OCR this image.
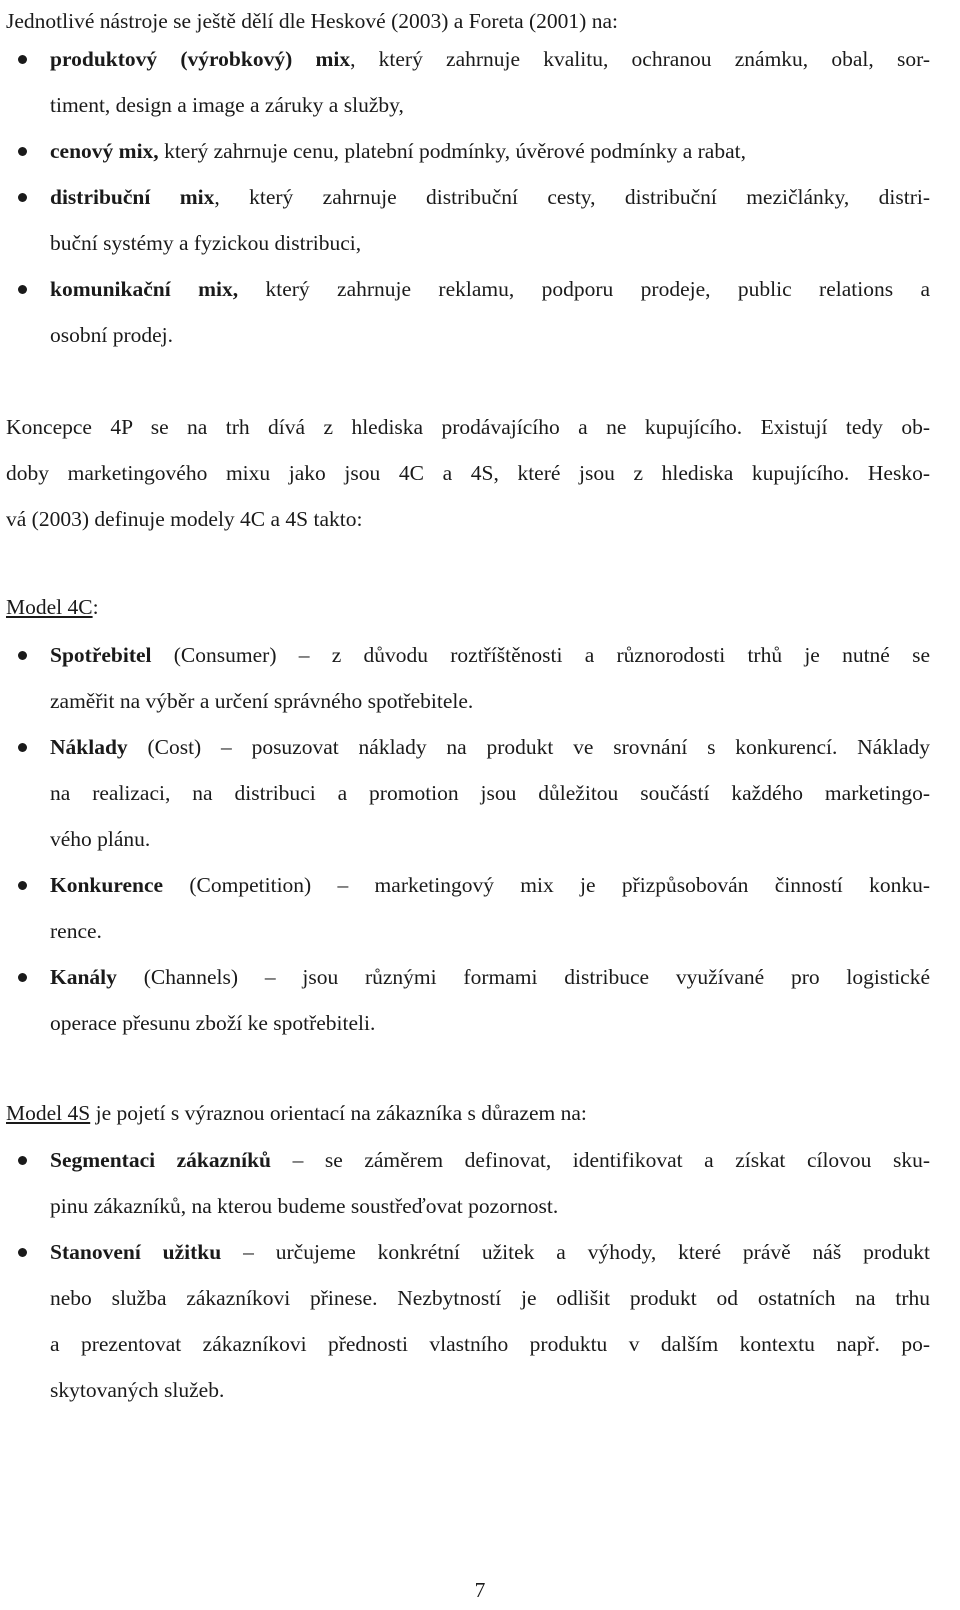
Jednotlivé nástroje se ještě dělí dle Heskové (2003) a Foreta (2001) na:
produktový (výrobkový) mix, který zahrnuje kvalitu, ochranou známku, obal, sor-
timent, design a image a záruky a služby,
cenový mix, který zahrnuje cenu, platební podmínky, úvěrové podmínky a rabat,
distribuční mix, který zahrnuje distribuční cesty, distribuční mezičlánky, distri-
buční systémy a fyzickou distribuci,
komunikační mix, který zahrnuje reklamu, podporu prodeje, public relations a
osobní prodej.
Koncepce 4P se na trh dívá z hlediska prodávajícího a ne kupujícího. Existují tedy ob-
doby marketingového mixu jako jsou 4C a 4S, které jsou z hlediska kupujícího. Hesko-
vá (2003) definuje modely 4C a 4S takto:
Model 4C:
Spotřebitel (Consumer) – z důvodu roztříštěnosti a různorodosti trhů je nutné se
zaměřit na výběr a určení správného spotřebitele.
Náklady (Cost) – posuzovat náklady na produkt ve srovnání s konkurencí. Náklady
na realizaci, na distribuci a promotion jsou důležitou součástí každého marketingo-
vého plánu.
Konkurence (Competition) – marketingový mix je přizpůsobován činností konku-
rence.
Kanály (Channels) – jsou různými formami distribuce využívané pro logistické
operace přesunu zboží ke spotřebiteli.
Model 4S je pojetí s výraznou orientací na zákazníka s důrazem na:
Segmentaci zákazníků – se záměrem definovat, identifikovat a získat cílovou sku-
pinu zákazníků, na kterou budeme soustřeďovat pozornost.
Stanovení užitku – určujeme konkrétní užitek a výhody, které právě náš produkt
nebo služba zákazníkovi přinese. Nezbytností je odlišit produkt od ostatních na trhu
a prezentovat zákazníkovi přednosti vlastního produktu v dalším kontextu např. po-
skytovaných služeb.
7
